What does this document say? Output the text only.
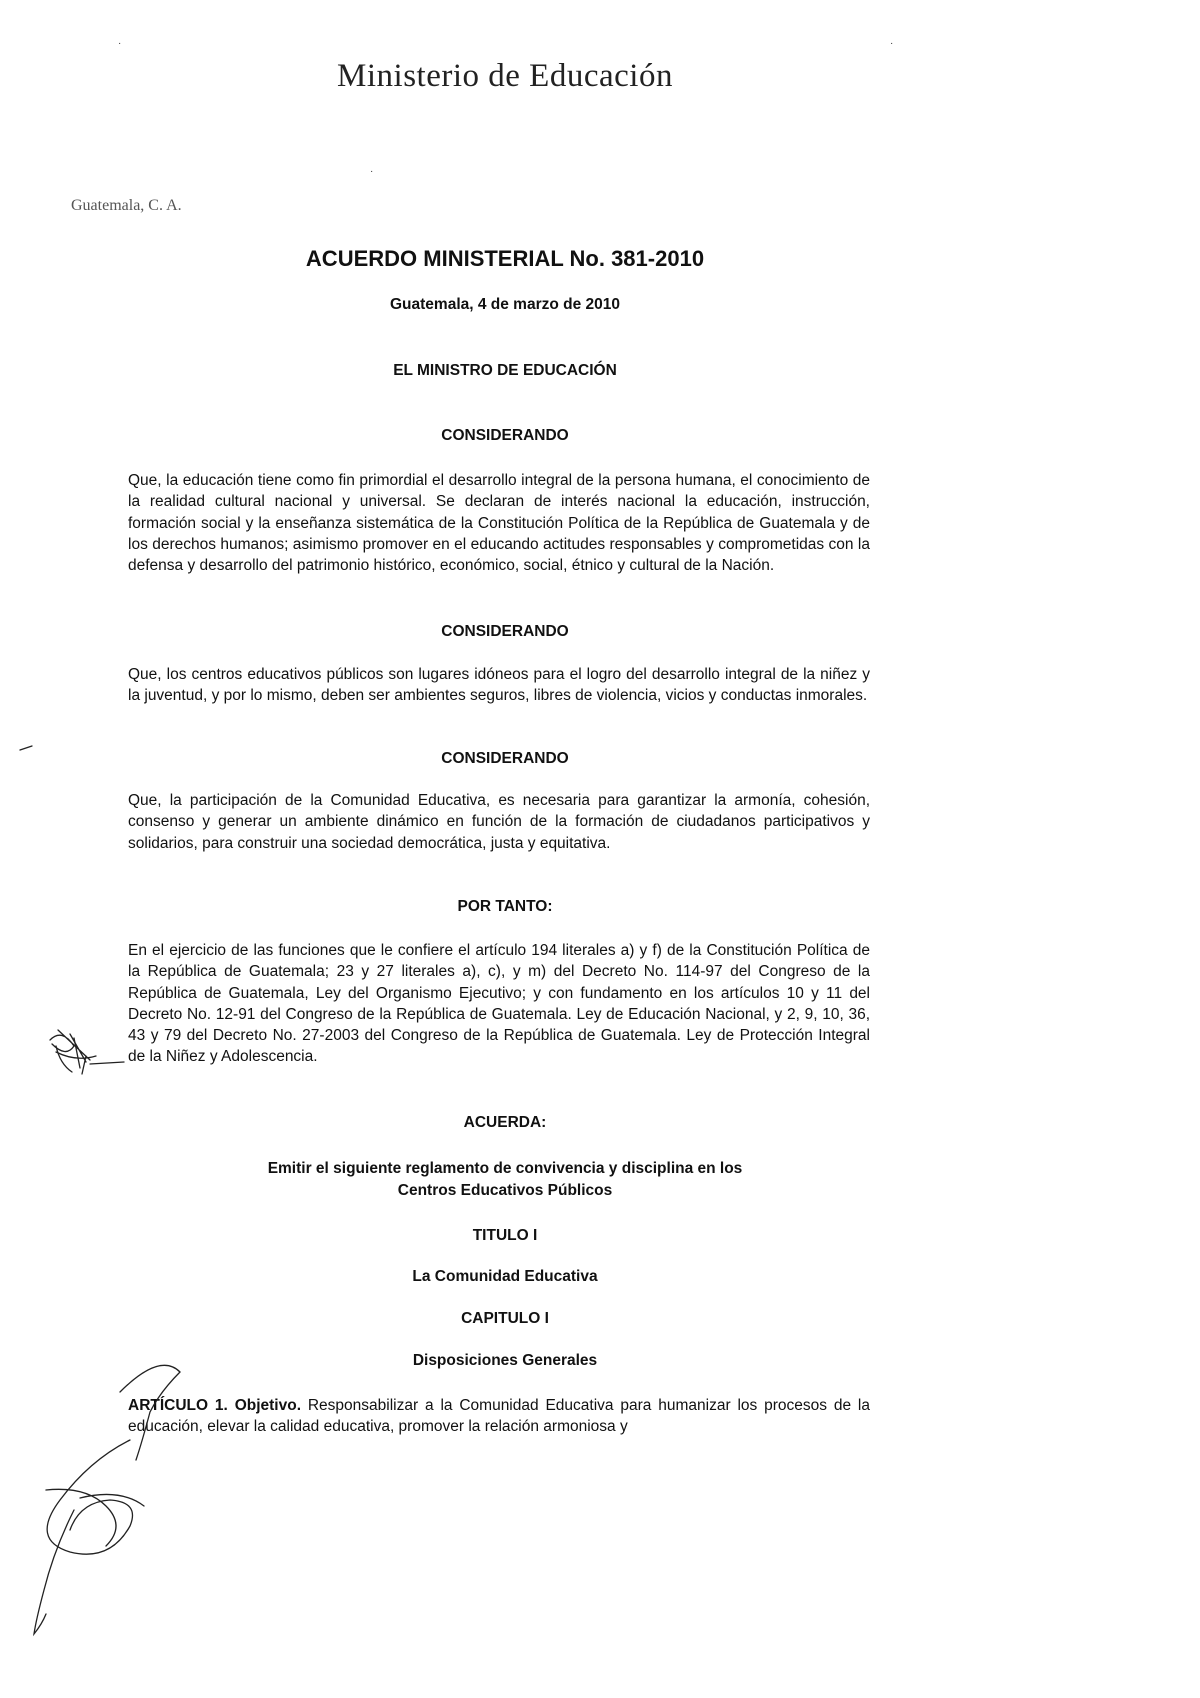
·
·
·
Ministerio de Educación
Guatemala, C. A.
ACUERDO MINISTERIAL No. 381-2010
Guatemala, 4 de marzo de 2010
EL MINISTRO DE EDUCACIÓN
CONSIDERANDO
Que, la educación tiene como fin primordial el desarrollo integral de la persona humana, el conocimiento de la realidad cultural nacional y universal. Se declaran de interés nacional la educación, instrucción, formación social y la enseñanza sistemática de la Constitución Política de la República de Guatemala y de los derechos humanos; asimismo promover en el educando actitudes responsables y comprometidas con la defensa y desarrollo del patrimonio histórico, económico, social, étnico y cultural de la Nación.
CONSIDERANDO
Que, los centros educativos públicos son lugares idóneos para el logro del desarrollo integral de la niñez y la juventud, y por lo mismo, deben ser ambientes seguros, libres de violencia, vicios y conductas inmorales.
CONSIDERANDO
Que, la participación de la Comunidad Educativa, es necesaria para garantizar la armonía, cohesión, consenso y generar un ambiente dinámico en función de la formación de ciudadanos participativos y solidarios, para construir una sociedad democrática, justa y equitativa.
POR TANTO:
En el ejercicio de las funciones que le confiere el artículo 194 literales a) y f) de la Constitución Política de la República de Guatemala; 23 y 27 literales a), c), y m) del Decreto No. 114-97 del Congreso de la República de Guatemala, Ley del Organismo Ejecutivo; y con fundamento en los artículos 10 y 11 del Decreto No. 12-91 del Congreso de la República de Guatemala. Ley de Educación Nacional, y 2, 9, 10, 36, 43 y 79 del Decreto No. 27-2003 del Congreso de la República de Guatemala. Ley de Protección Integral de la Niñez y Adolescencia.
ACUERDA:
Emitir el siguiente reglamento de convivencia y disciplina en los
Centros Educativos Públicos
TITULO I
La Comunidad Educativa
CAPITULO I
Disposiciones Generales
ARTÍCULO 1. Objetivo. Responsabilizar a la Comunidad Educativa para humanizar los procesos de la educación, elevar la calidad educativa, promover la relación armoniosa y
